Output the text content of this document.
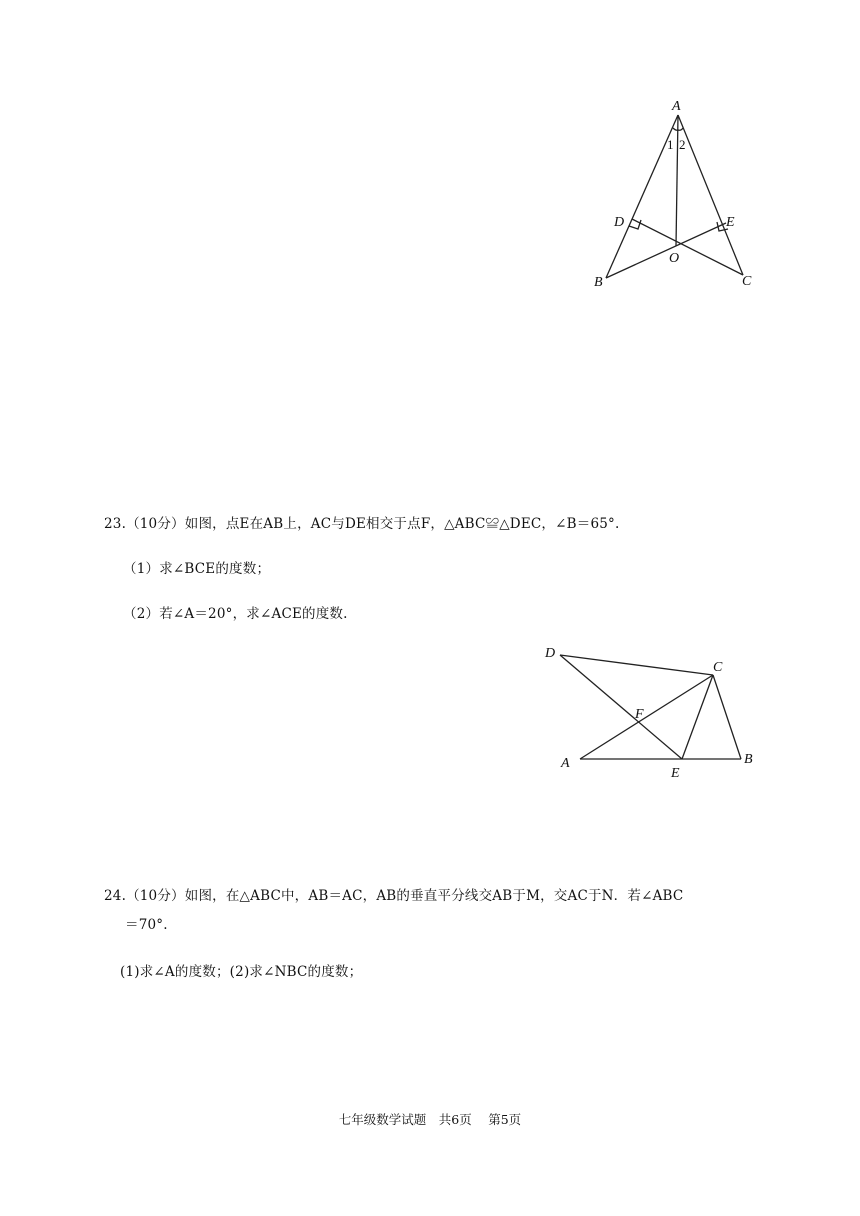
A
B	C
D	E
O
1 2
23.（10分）如图，点E在AB上，AC与DE相交于点F，△ABC≌△DEC，∠B＝65°.
（1）求∠BCE的度数；
（2）若∠A＝20°，求∠ACE的度数.
D
C
F
A
E
B
24.（10分）如图，在△ABC中，AB＝AC，AB的垂直平分线交AB于M，交AC于N．若∠ABC
＝70°.
(1)求∠A的度数；(2)求∠NBC的度数；
七年级数学试题　共6页　 第5页
